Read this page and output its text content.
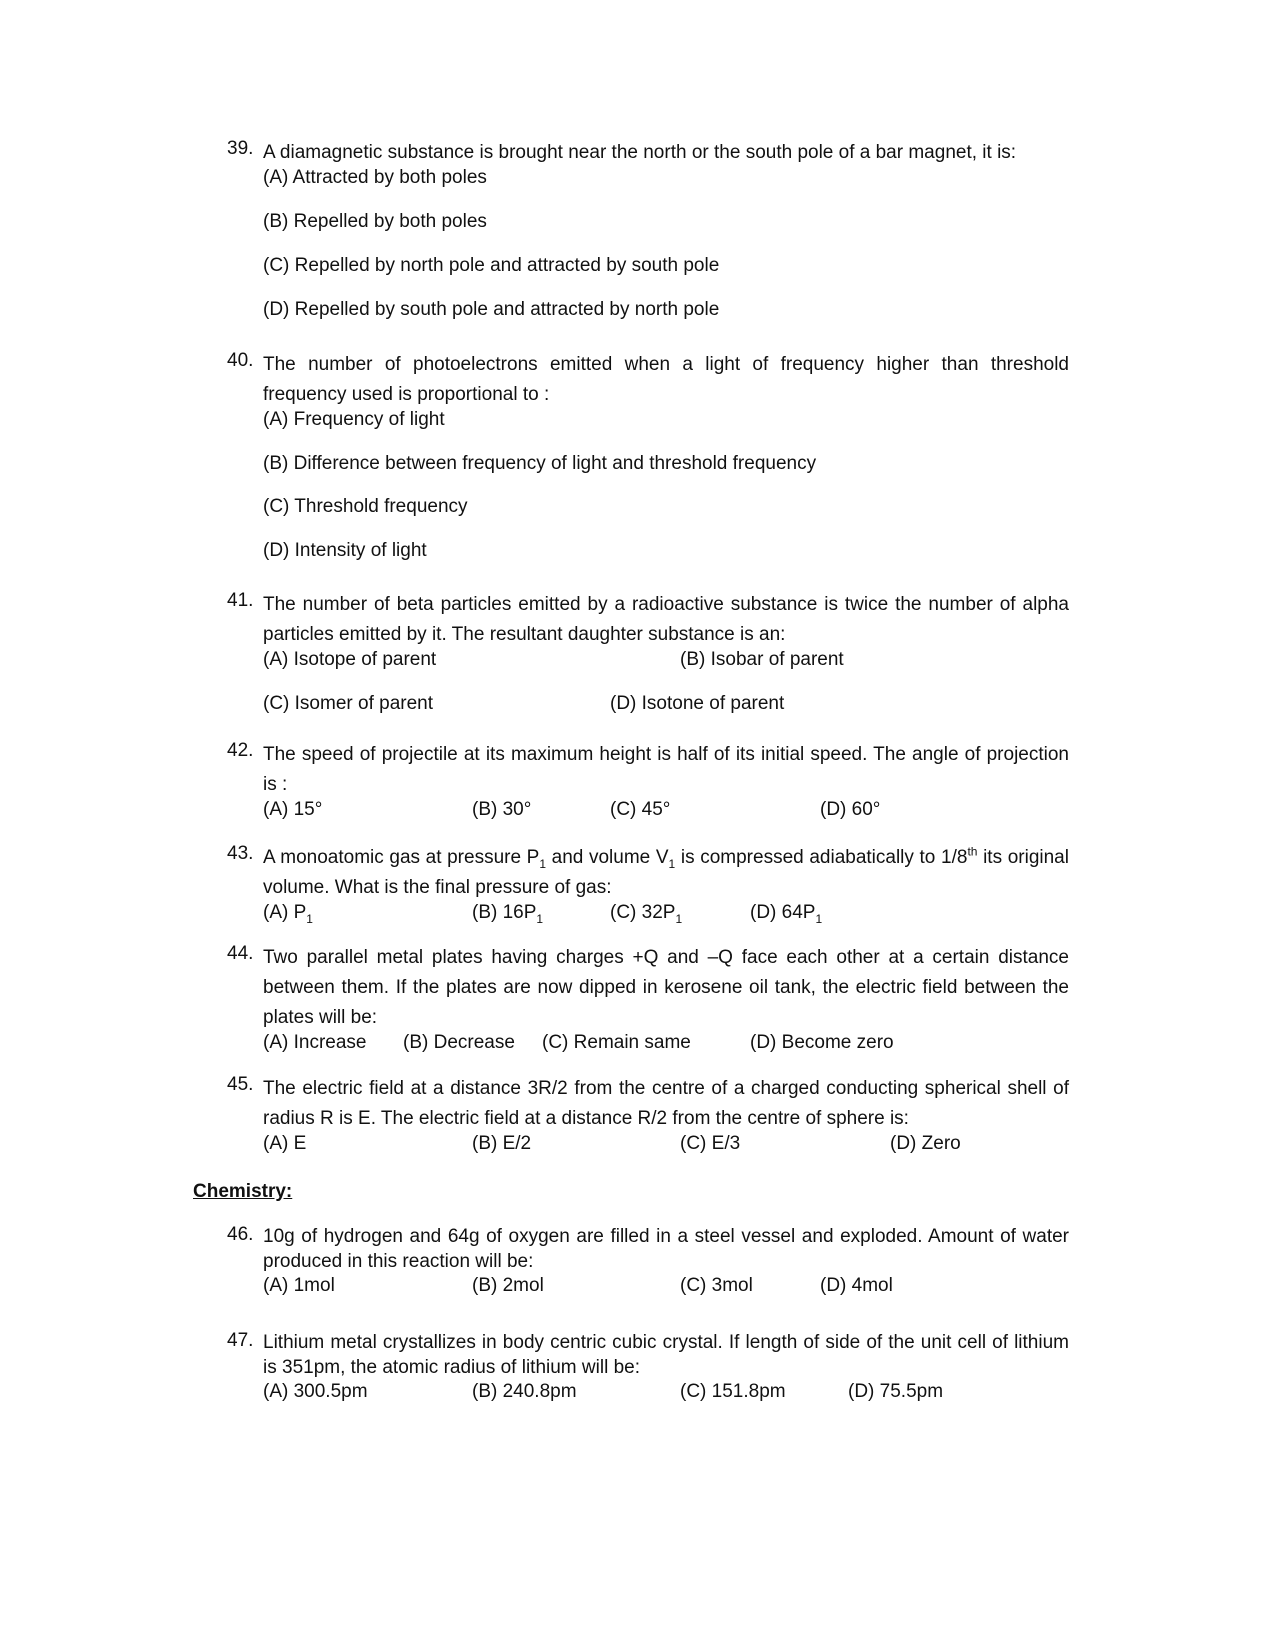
39. A diamagnetic substance is brought near the north or the south pole of a bar magnet, it is:
(A) Attracted by both poles
(B) Repelled by both poles
(C) Repelled by north pole and attracted by south pole
(D) Repelled by south pole and attracted by north pole
40. The number of photoelectrons emitted when a light of frequency higher than threshold frequency used is proportional to :
(A) Frequency of light
(B) Difference between frequency of light and threshold frequency
(C) Threshold frequency
(D) Intensity of light
41. The number of beta particles emitted by a radioactive substance is twice the number of alpha particles emitted by it. The resultant daughter substance is an:
(A) Isotope of parent	(B) Isobar of parent
(C) Isomer of parent	(D) Isotone of parent
42. The speed of projectile at its maximum height is half of its initial speed. The angle of projection is :
(A) 15°	(B) 30°	(C) 45°	(D) 60°
43. A monoatomic gas at pressure $P_1$ and volume $V_1$ is compressed adiabatically to 1/8th its original volume. What is the final pressure of gas:
(A) $P_1$	(B) $16P_1$	(C) $32P_1$	(D) $64P_1$
44. Two parallel metal plates having charges +Q and –Q face each other at a certain distance between them. If the plates are now dipped in kerosene oil tank, the electric field between the plates will be:
(A) Increase (B) Decrease (C) Remain same	(D) Become zero
45. The electric field at a distance 3R/2 from the centre of a charged conducting spherical shell of radius R is E. The electric field at a distance R/2 from the centre of sphere is:
(A) E	(B) E/2	(C) E/3	(D) Zero
Chemistry:
46. 10g of hydrogen and 64g of oxygen are filled in a steel vessel and exploded. Amount of water produced in this reaction will be:
(A) 1mol	(B) 2mol	(C) 3mol	(D) 4mol
47. Lithium metal crystallizes in body centric cubic crystal. If length of side of the unit cell of lithium is 351pm, the atomic radius of lithium will be:
(A) 300.5pm	(B) 240.8pm	(C) 151.8pm	(D) 75.5pm
